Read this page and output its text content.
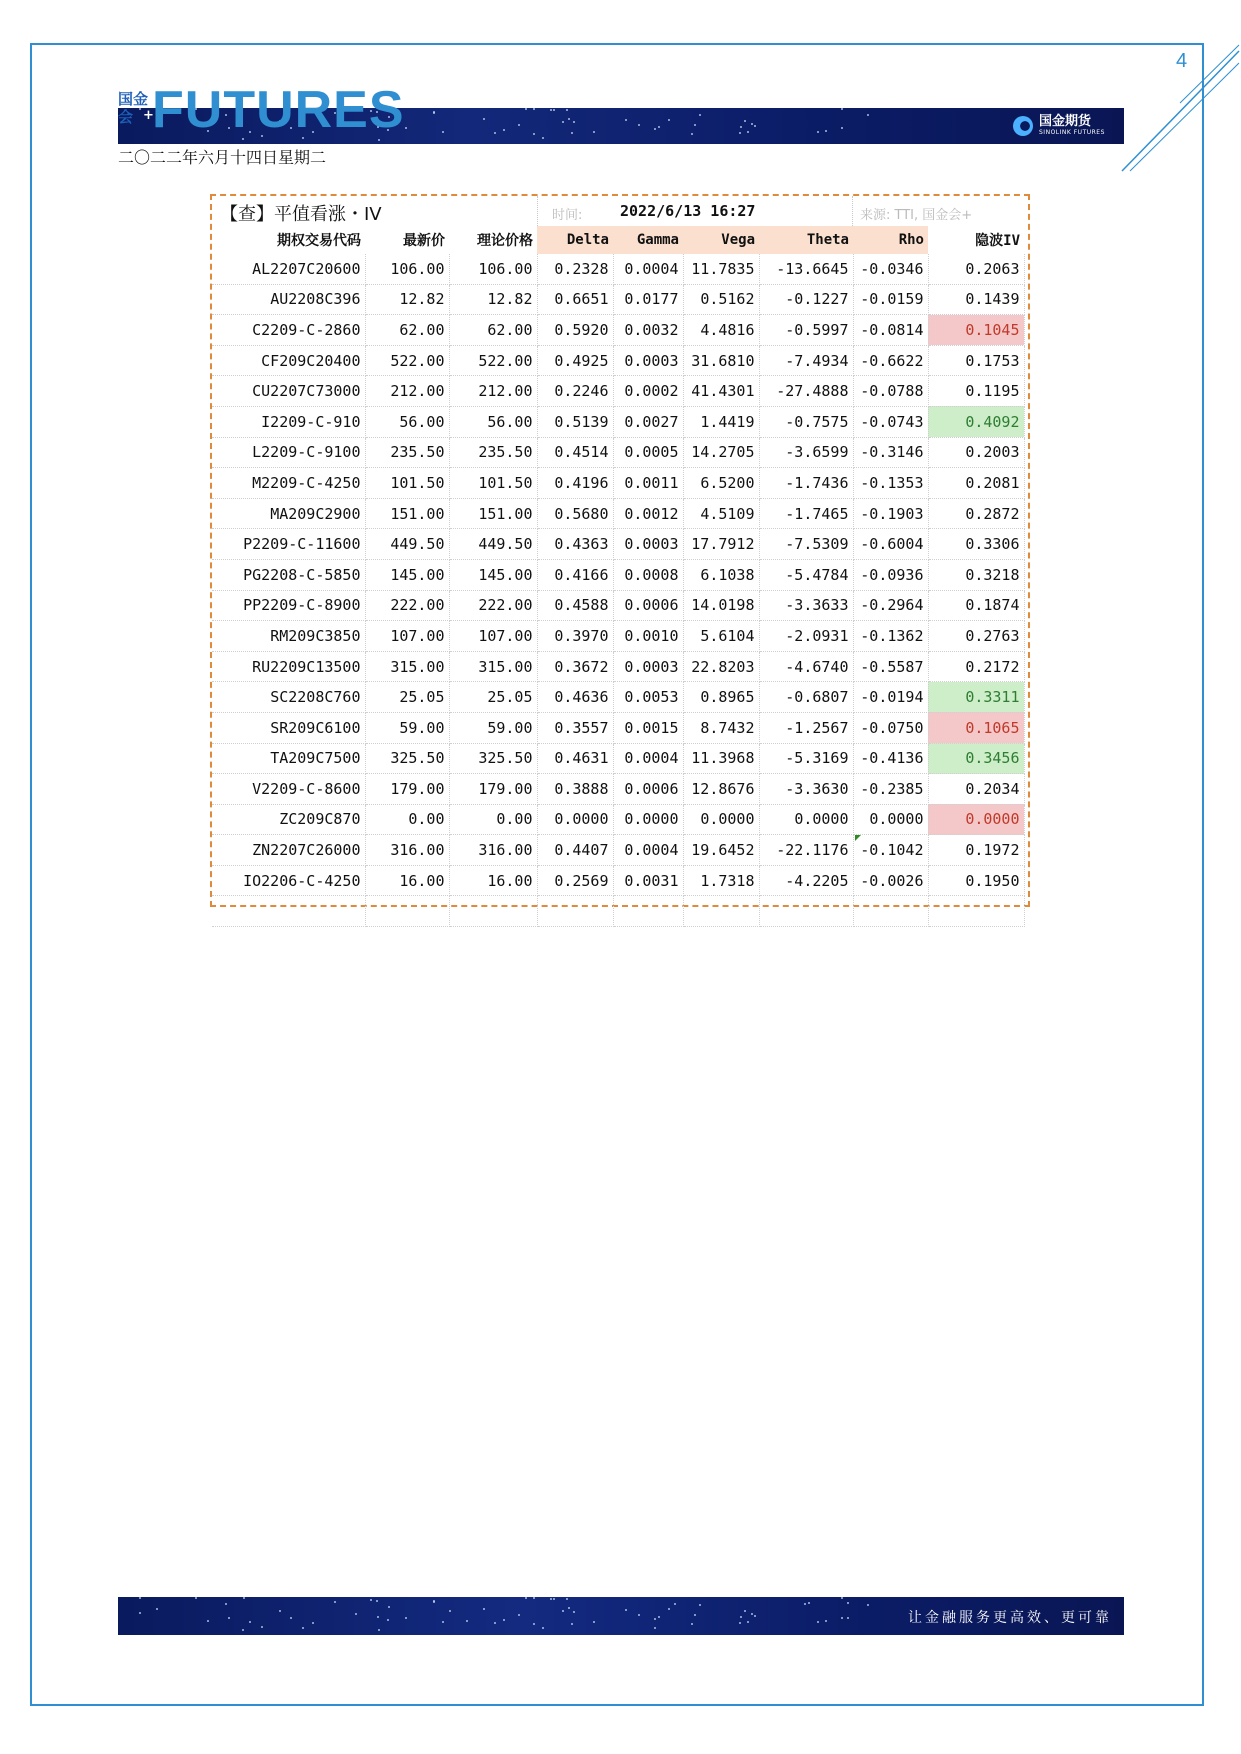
4
FUTURES
国金
会 +	国金期货
SINOLINK FUTURES
二〇二二年六月十四日星期二
【查】平值看涨・IV	时间:	2022/6/13 16:27	来源: TTI, 国金会+
期权交易代码	最新价	理论价格	Delta	Gamma	Vega	Theta	Rho	隐波IV
AL2207C20600	106.00	106.00	0.2328	0.0004	11.7835	-13.6645	-0.0346	0.2063
AU2208C396	12.82	12.82	0.6651	0.0177	0.5162	-0.1227	-0.0159	0.1439
C2209-C-2860	62.00	62.00	0.5920	0.0032	4.4816	-0.5997	-0.0814	0.1045
CF209C20400	522.00	522.00	0.4925	0.0003	31.6810	-7.4934	-0.6622	0.1753
CU2207C73000	212.00	212.00	0.2246	0.0002	41.4301	-27.4888	-0.0788	0.1195
I2209-C-910	56.00	56.00	0.5139	0.0027	1.4419	-0.7575	-0.0743	0.4092
L2209-C-9100	235.50	235.50	0.4514	0.0005	14.2705	-3.6599	-0.3146	0.2003
M2209-C-4250	101.50	101.50	0.4196	0.0011	6.5200	-1.7436	-0.1353	0.2081
MA209C2900	151.00	151.00	0.5680	0.0012	4.5109	-1.7465	-0.1903	0.2872
P2209-C-11600	449.50	449.50	0.4363	0.0003	17.7912	-7.5309	-0.6004	0.3306
PG2208-C-5850	145.00	145.00	0.4166	0.0008	6.1038	-5.4784	-0.0936	0.3218
PP2209-C-8900	222.00	222.00	0.4588	0.0006	14.0198	-3.3633	-0.2964	0.1874
RM209C3850	107.00	107.00	0.3970	0.0010	5.6104	-2.0931	-0.1362	0.2763
RU2209C13500	315.00	315.00	0.3672	0.0003	22.8203	-4.6740	-0.5587	0.2172
SC2208C760	25.05	25.05	0.4636	0.0053	0.8965	-0.6807	-0.0194	0.3311
SR209C6100	59.00	59.00	0.3557	0.0015	8.7432	-1.2567	-0.0750	0.1065
TA209C7500	325.50	325.50	0.4631	0.0004	11.3968	-5.3169	-0.4136	0.3456
V2209-C-8600	179.00	179.00	0.3888	0.0006	12.8676	-3.3630	-0.2385	0.2034
ZC209C870	0.00	0.00	0.0000	0.0000	0.0000	0.0000	0.0000	0.0000
ZN2207C26000	316.00	316.00	0.4407	0.0004	19.6452	-22.1176	-0.1042	0.1972
IO2206-C-4250	16.00	16.00	0.2569	0.0031	1.7318	-4.2205	-0.0026	0.1950

让金融服务更高效、更可靠
